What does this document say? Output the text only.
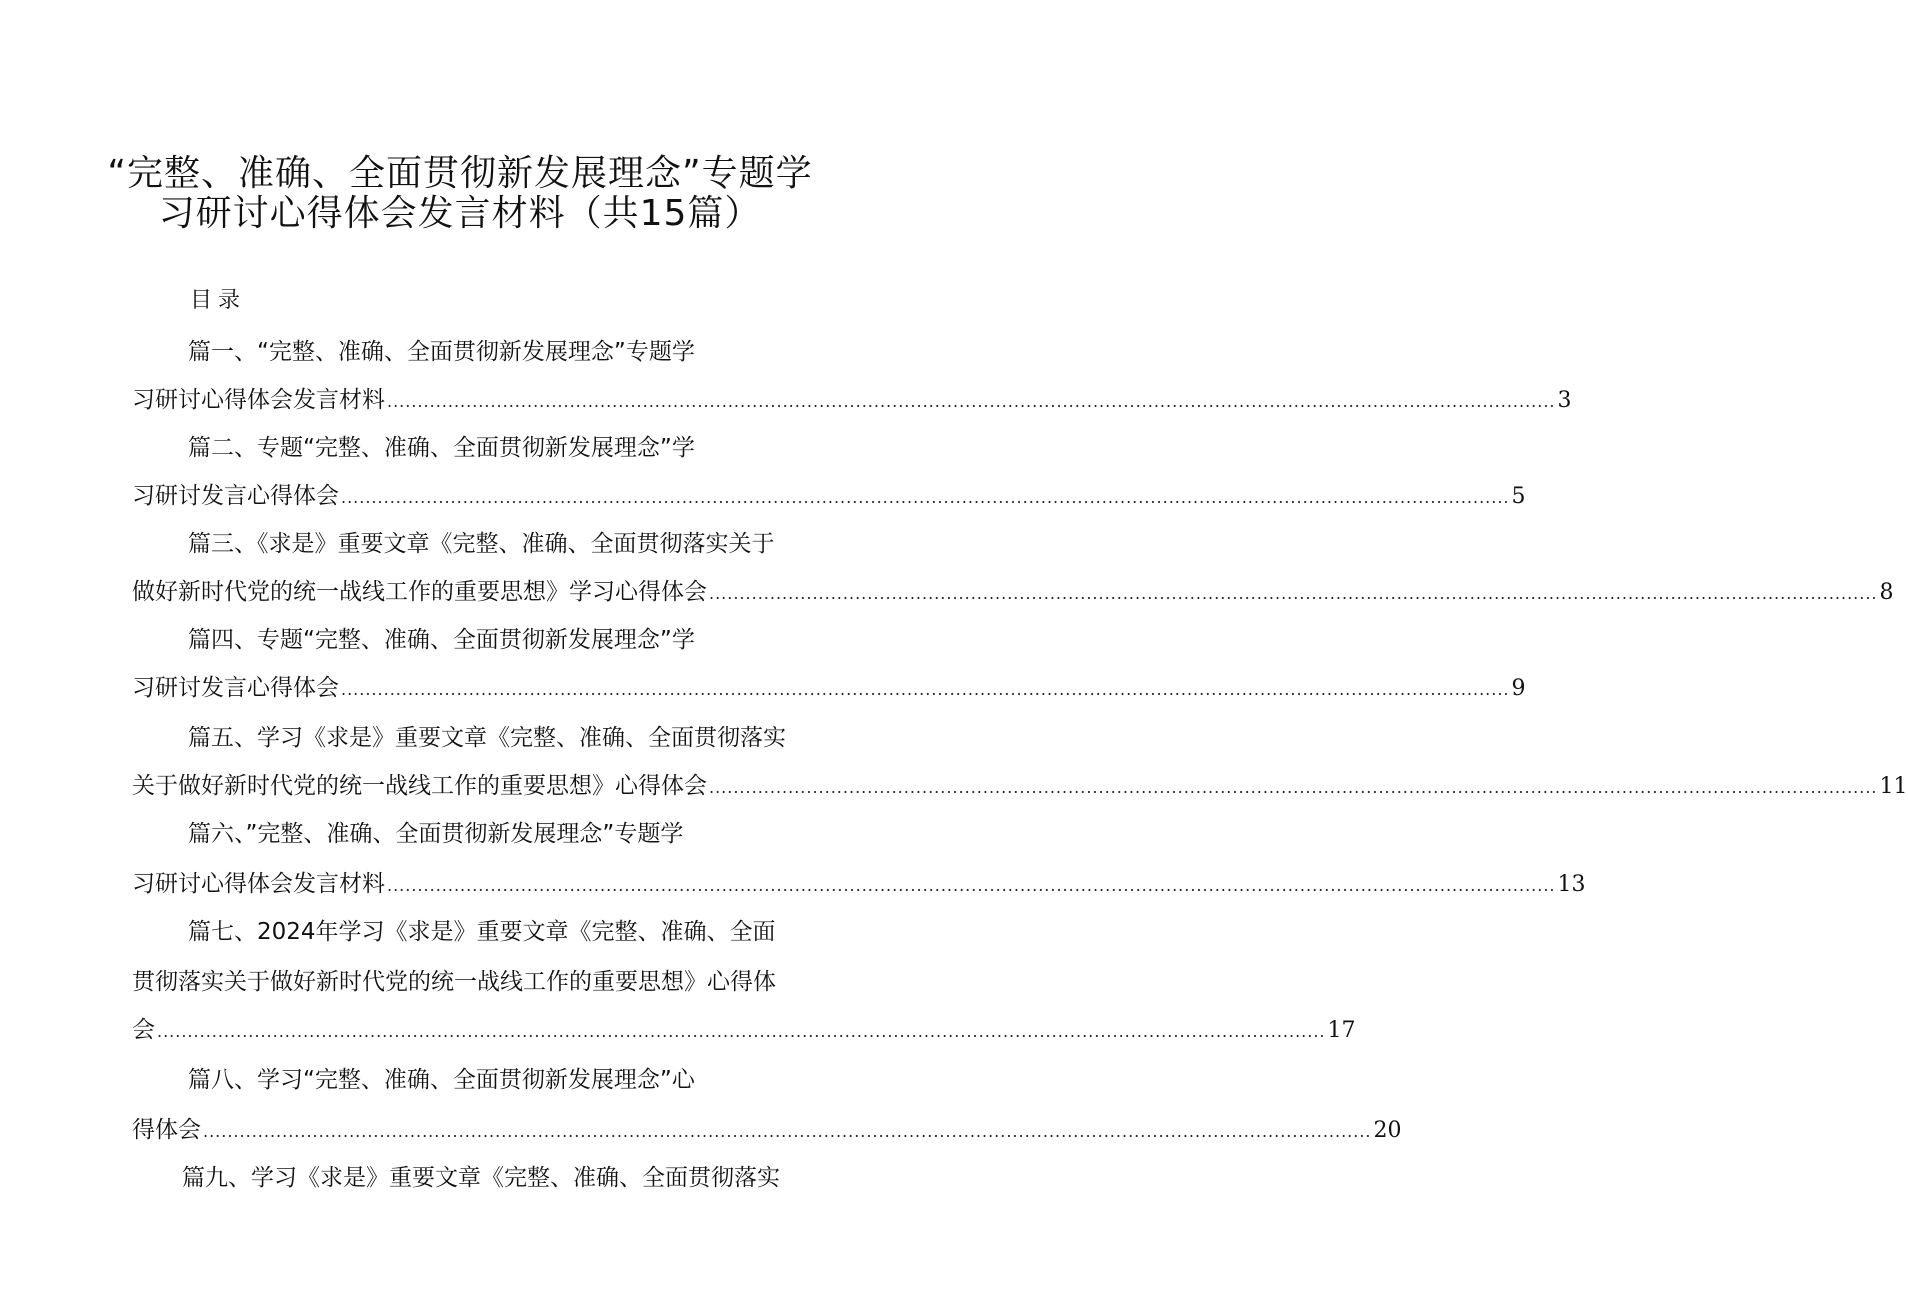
“完整、准确、全面贯彻新发展理念”专题学
习研讨心得体会发言材料（共15篇）
目录
篇一、“完整、准确、全面贯彻新发展理念”专题学
习研讨心得体会发言材料 ................................................................................................................................................................................................ 3
篇二、专题“完整、准确、全面贯彻新发展理念”学
习研讨发言心得体会 ................................................................................................................................................................................................ 5
篇三、《求是》重要文章《完整、准确、全面贯彻落实关于
做好新时代党的统一战线工作的重要思想》学习心得体会 ................................................................................................................................................................................................ 8
篇四、专题“完整、准确、全面贯彻新发展理念”学
习研讨发言心得体会 ................................................................................................................................................................................................ 9
篇五、学习《求是》重要文章《完整、准确、全面贯彻落实
关于做好新时代党的统一战线工作的重要思想》心得体会 ................................................................................................................................................................................................ 11
篇六、”完整、准确、全面贯彻新发展理念”专题学
习研讨心得体会发言材料 ................................................................................................................................................................................................ 13
篇七、2024年学习《求是》重要文章《完整、准确、全面
贯彻落实关于做好新时代党的统一战线工作的重要思想》心得体
会 ................................................................................................................................................................................................ 17
篇八、学习“完整、准确、全面贯彻新发展理念”心
得体会 ................................................................................................................................................................................................ 20
篇九、学习《求是》重要文章《完整、准确、全面贯彻落实
